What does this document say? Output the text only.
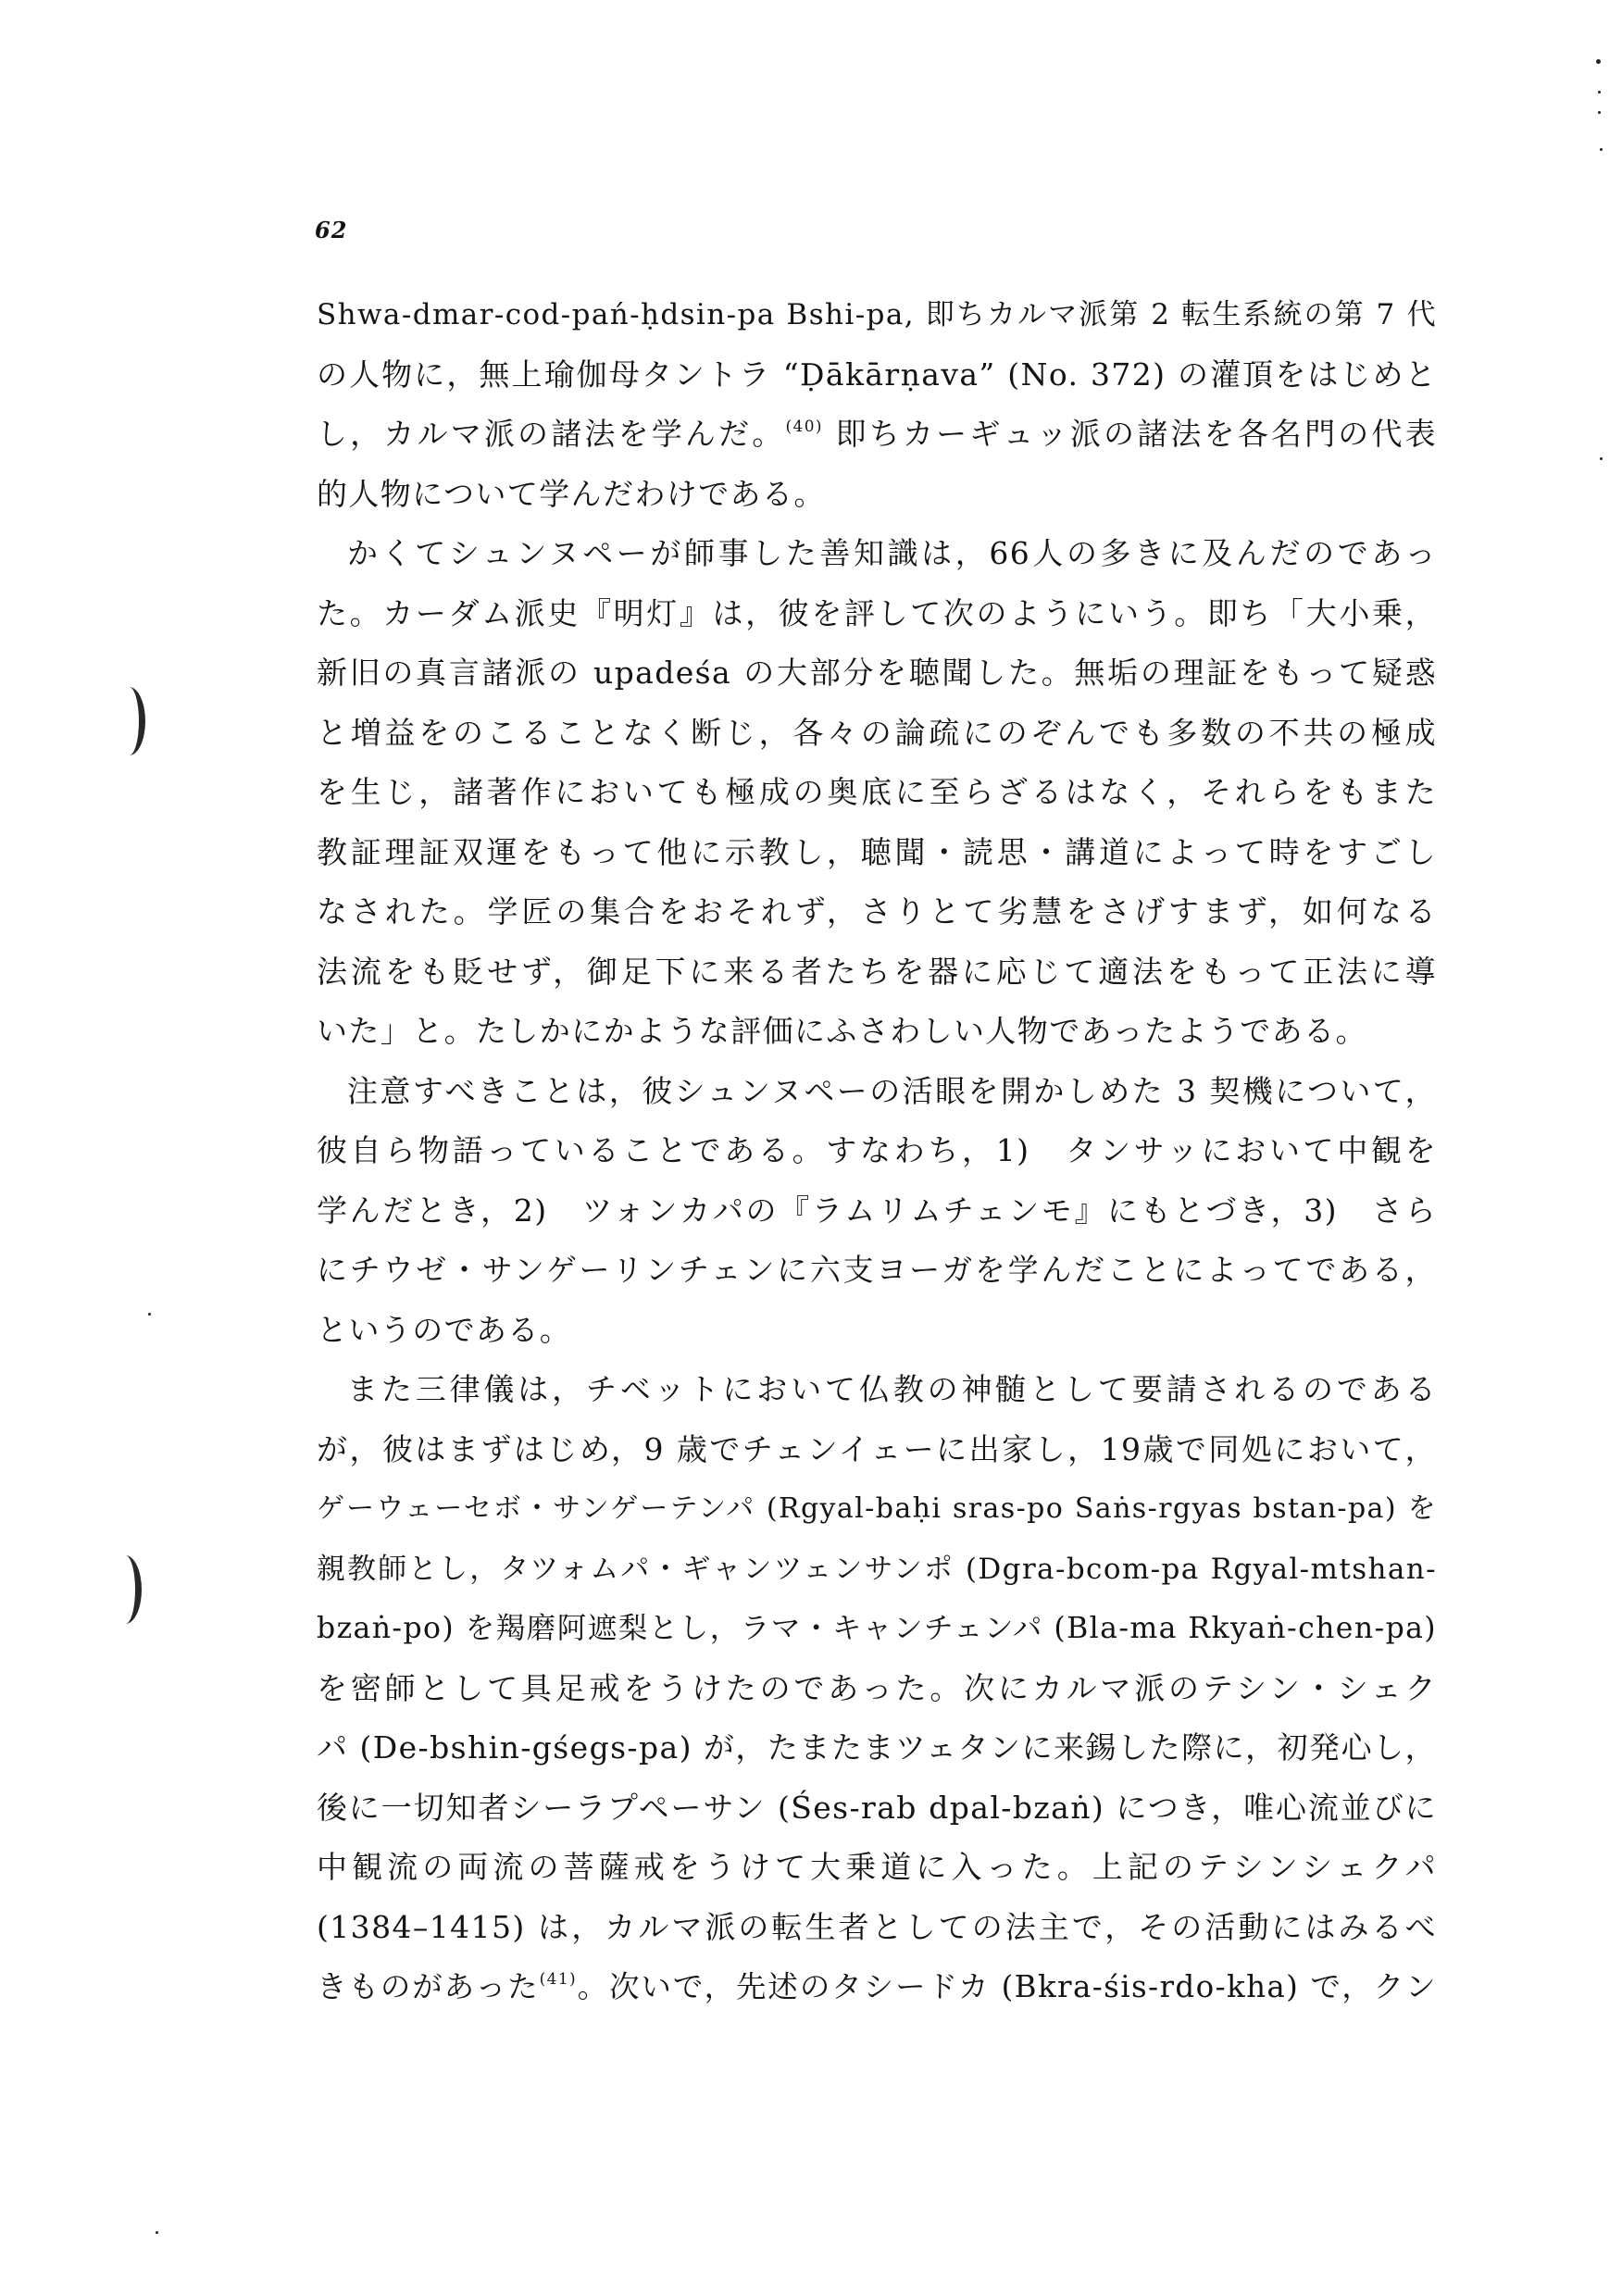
62
Shwa-dmar-cod-pań-ḥdsin-pa Bshi-pa, 即ちカルマ派第 2 転生系統の第 7 代
の人物に，無上瑜伽母タントラ “Ḍākārṇava” (No. 372) の灌頂をはじめと
し，カルマ派の諸法を学んだ。$^{(40)}$ 即ちカーギュッ派の諸法を各名門の代表
的人物について学んだわけである。
かくてシュンヌペーが師事した善知識は，66人の多きに及んだのであっ
た。カーダム派史『明灯』は，彼を評して次のようにいう。即ち「大小乗，
新旧の真言諸派の upadeśa の大部分を聴聞した。無垢の理証をもって疑惑
と増益をのこることなく断じ，各々の論疏にのぞんでも多数の不共の極成
を生じ，諸著作においても極成の奥底に至らざるはなく，それらをもまた
教証理証双運をもって他に示教し，聴聞・読思・講道によって時をすごし
なされた。学匠の集合をおそれず，さりとて劣慧をさげすまず，如何なる
法流をも貶せず，御足下に来る者たちを器に応じて適法をもって正法に導
いた」と。たしかにかような評価にふさわしい人物であったようである。
注意すべきことは，彼シュンヌペーの活眼を開かしめた 3 契機について，
彼自ら物語っていることである。すなわち，1)　タンサッにおいて中観を
学んだとき，2)　ツォンカパの『ラムリムチェンモ』にもとづき，3)　さら
にチウゼ・サンゲーリンチェンに六支ヨーガを学んだことによってである，
というのである。
また三律儀は，チベットにおいて仏教の神髄として要請されるのである
が，彼はまずはじめ，9 歳でチェンイェーに出家し，19歳で同処において，
ゲーウェーセボ・サンゲーテンパ (Rgyal-baḥi sras-po Saṅs-rgyas bstan-pa) を
親教師とし，タツォムパ・ギャンツェンサンポ (Dgra-bcom-pa Rgyal-mtshan-
bzaṅ-po) を羯磨阿遮梨とし，ラマ・キャンチェンパ (Bla-ma Rkyaṅ-chen-pa)
を密師として具足戒をうけたのであった。次にカルマ派のテシン・シェク
パ (De-bshin-gśegs-pa) が，たまたまツェタンに来錫した際に，初発心し，
後に一切知者シーラプペーサン (Śes-rab dpal-bzaṅ) につき，唯心流並びに
中観流の両流の菩薩戒をうけて大乗道に入った。上記のテシンシェクパ
(1384–1415) は，カルマ派の転生者としての法主で，その活動にはみるべ
きものがあった$^{(41)}$。次いで，先述のタシードカ (Bkra-śis-rdo-kha) で，クン
